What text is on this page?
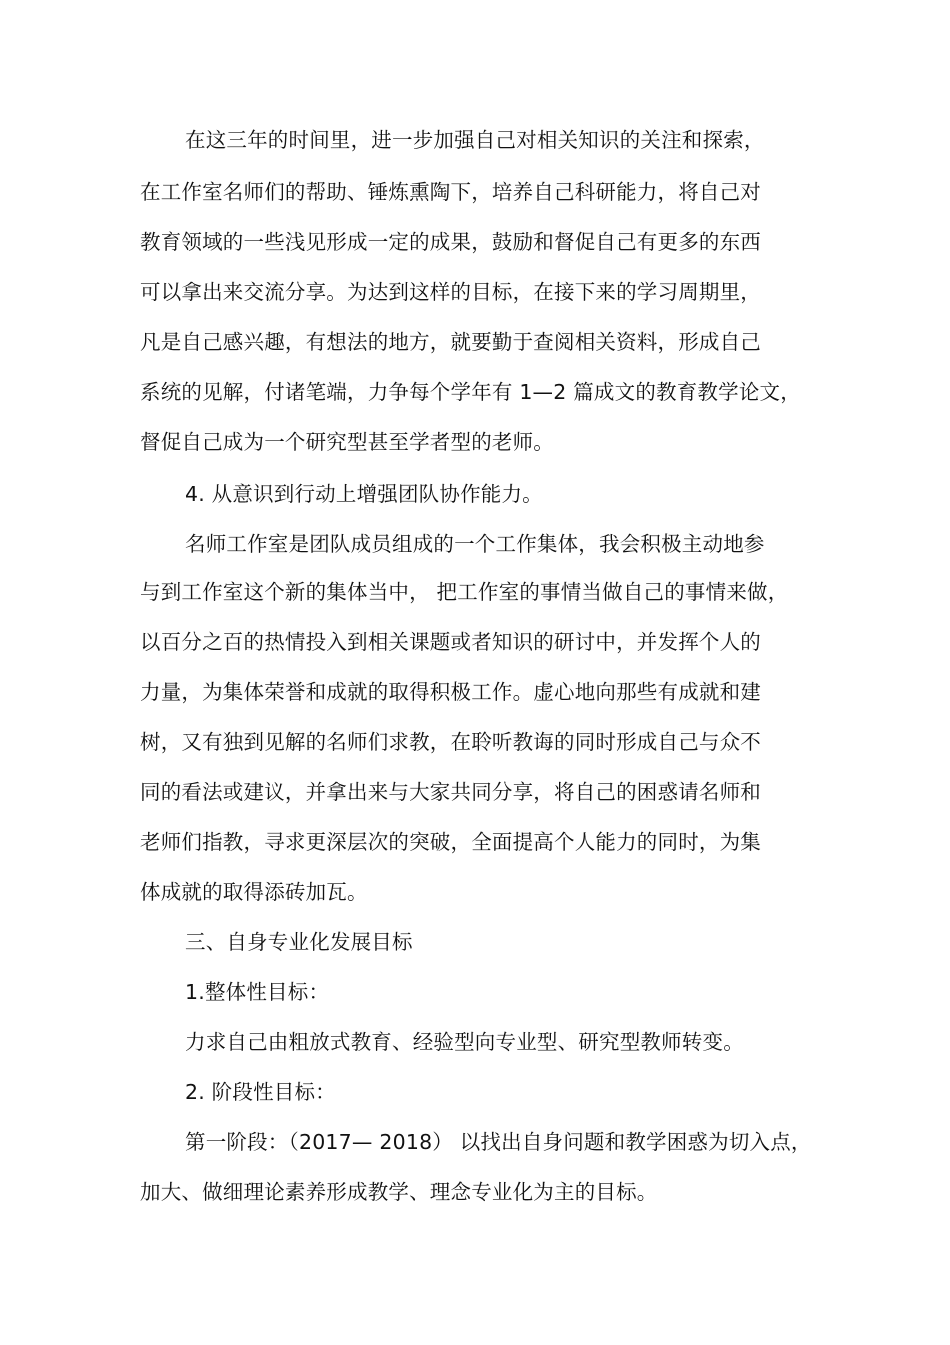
在这三年的时间里，进一步加强自己对相关知识的关注和探索，
在工作室名师们的帮助、锤炼熏陶下，培养自己科研能力，将自己对
教育领域的一些浅见形成一定的成果，鼓励和督促自己有更多的东西
可以拿出来交流分享。为达到这样的目标，在接下来的学习周期里，
凡是自己感兴趣，有想法的地方，就要勤于查阅相关资料，形成自己
系统的见解，付诸笔端，力争每个学年有 1—2 篇成文的教育教学论文，
督促自己成为一个研究型甚至学者型的老师。
4. 从意识到行动上增强团队协作能力。
名师工作室是团队成员组成的一个工作集体，我会积极主动地参
与到工作室这个新的集体当中， 把工作室的事情当做自己的事情来做，
以百分之百的热情投入到相关课题或者知识的研讨中，并发挥个人的
力量，为集体荣誉和成就的取得积极工作。虚心地向那些有成就和建
树，又有独到见解的名师们求教，在聆听教诲的同时形成自己与众不
同的看法或建议，并拿出来与大家共同分享，将自己的困惑请名师和
老师们指教，寻求更深层次的突破，全面提高个人能力的同时，为集
体成就的取得添砖加瓦。
三、自身专业化发展目标
1.整体性目标：
力求自己由粗放式教育、经验型向专业型、研究型教师转变。
2. 阶段性目标：
第一阶段：（2017— 2018） 以找出自身问题和教学困惑为切入点，
加大、做细理论素养形成教学、理念专业化为主的目标。
